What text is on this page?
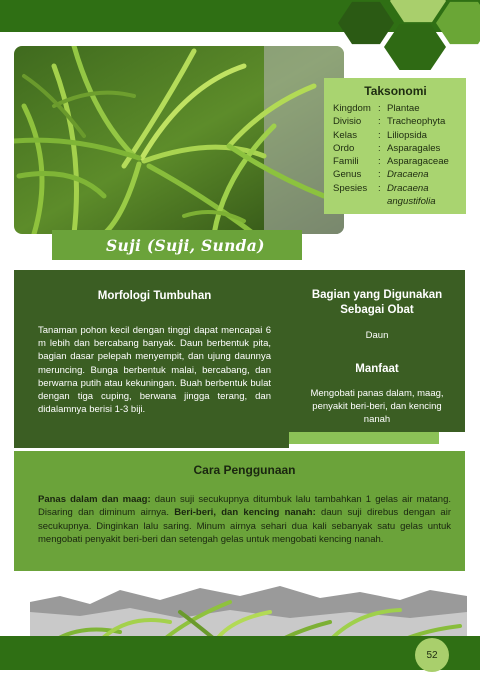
Taksonomi
Kingdom : Plantae
Divisio	: Tracheophyta
Kelas	: Liliopsida
Ordo	: Asparagales
Famili	: Asparagaceae
Genus	: Dracaena
Spesies	: Dracaena angustifolia
Suji (Suji, Sunda)
Morfologi Tumbuhan

Tanaman pohon kecil dengan tinggi dapat mencapai 6 m lebih dan bercabang banyak. Daun berbentuk pita, bagian dasar pelepah menyempit, dan ujung daunnya meruncing. Bunga berbentuk malai, bercabang, dan berwarna putih atau kekuningan. Buah berbentuk bulat dengan tiga cuping, berwana jingga terang, dan didalamnya berisi 1-3 biji.

Bagian yang Digunakan Sebagai Obat
Daun
Manfaat
Mengobati panas dalam, maag, penyakit beri-beri, dan kencing nanah
Cara Penggunaan

Panas dalam dan maag: daun suji secukupnya ditumbuk lalu tambahkan 1 gelas air matang. Disaring dan diminum airnya. Beri-beri, dan kencing nanah: daun suji direbus dengan air secukupnya. Dinginkan lalu saring. Minum airnya sehari dua kali sebanyak satu gelas untuk mengobati penyakit beri-beri dan setengah gelas untuk mengobati kencing nanah.

52
